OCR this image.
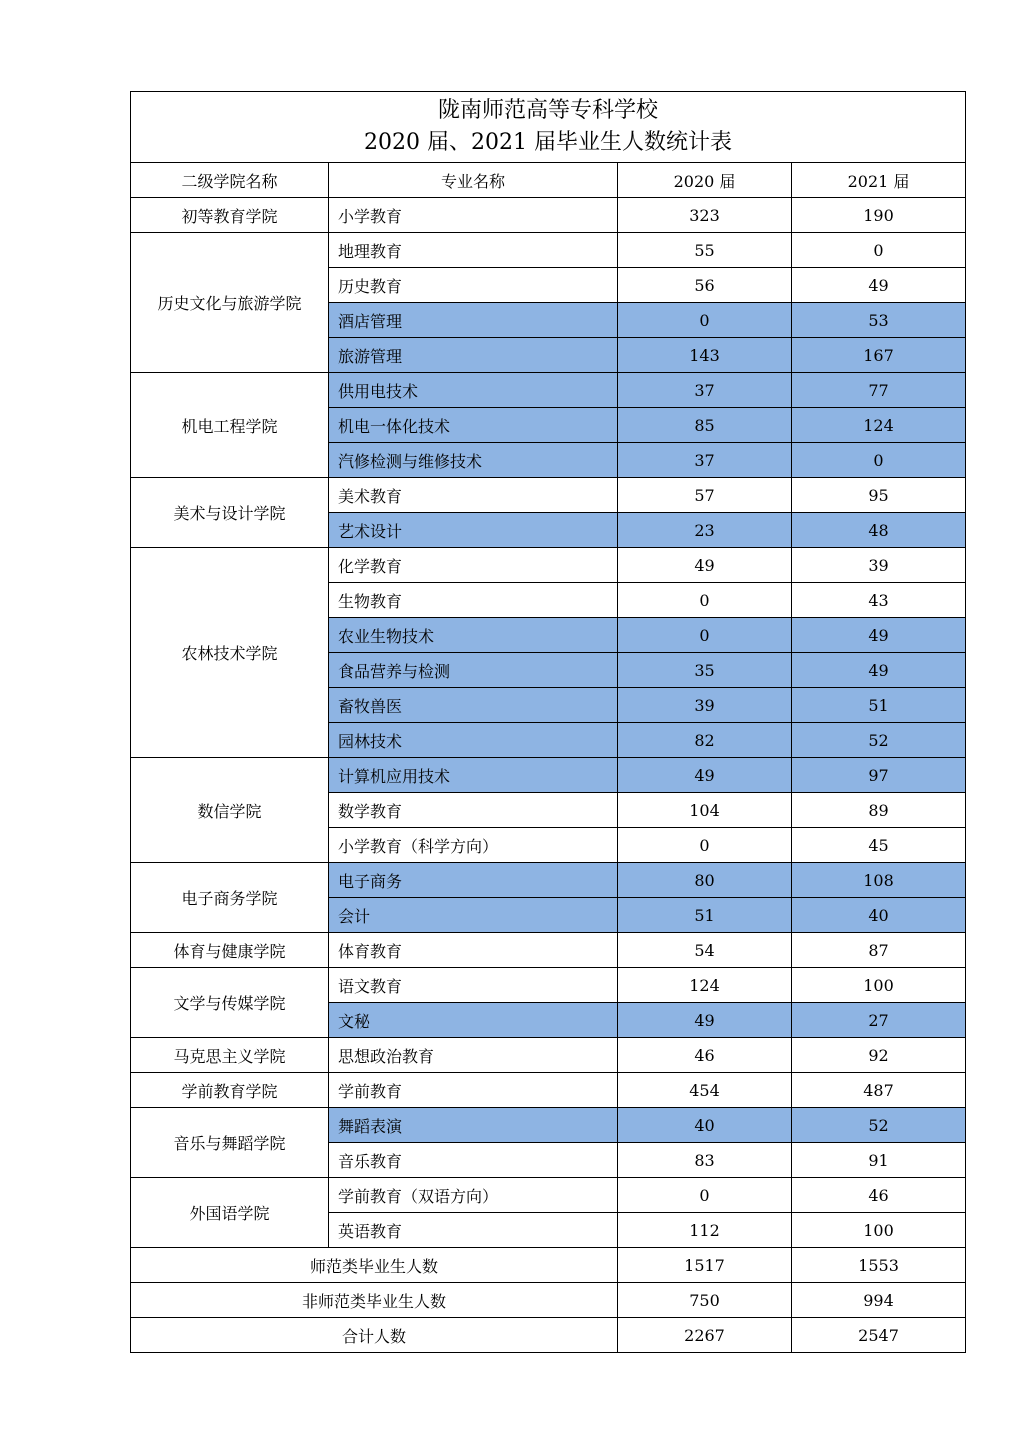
陇南师范高等专科学校
2020 届、2021 届毕业生人数统计表			

二级学院名称	专业名称	2020 届	2021 届
初等教育学院	小学教育	323	190
历史文化与旅游学院	地理教育	55	0
	历史教育	56	49
	酒店管理	0	53
	旅游管理	143	167
机电工程学院	供用电技术	37	77
	机电一体化技术	85	124
	汽修检测与维修技术	37	0
美术与设计学院	美术教育	57	95
	艺术设计	23	48
农林技术学院	化学教育	49	39
	生物教育	0	43
	农业生物技术	0	49
	食品营养与检测	35	49
	畜牧兽医	39	51
	园林技术	82	52
数信学院	计算机应用技术	49	97
	数学教育	104	89
	小学教育（科学方向）	0	45
电子商务学院	电子商务	80	108
	会计	51	40
体育与健康学院	体育教育	54	87
文学与传媒学院	语文教育	124	100
	文秘	49	27
马克思主义学院	思想政治教育	46	92
学前教育学院	学前教育	454	487
音乐与舞蹈学院	舞蹈表演	40	52
	音乐教育	83	91
外国语学院	学前教育（双语方向）	0	46
	英语教育	112	100
师范类毕业生人数		1517	1553
非师范类毕业生人数		750	994
合计人数		2267	2547
